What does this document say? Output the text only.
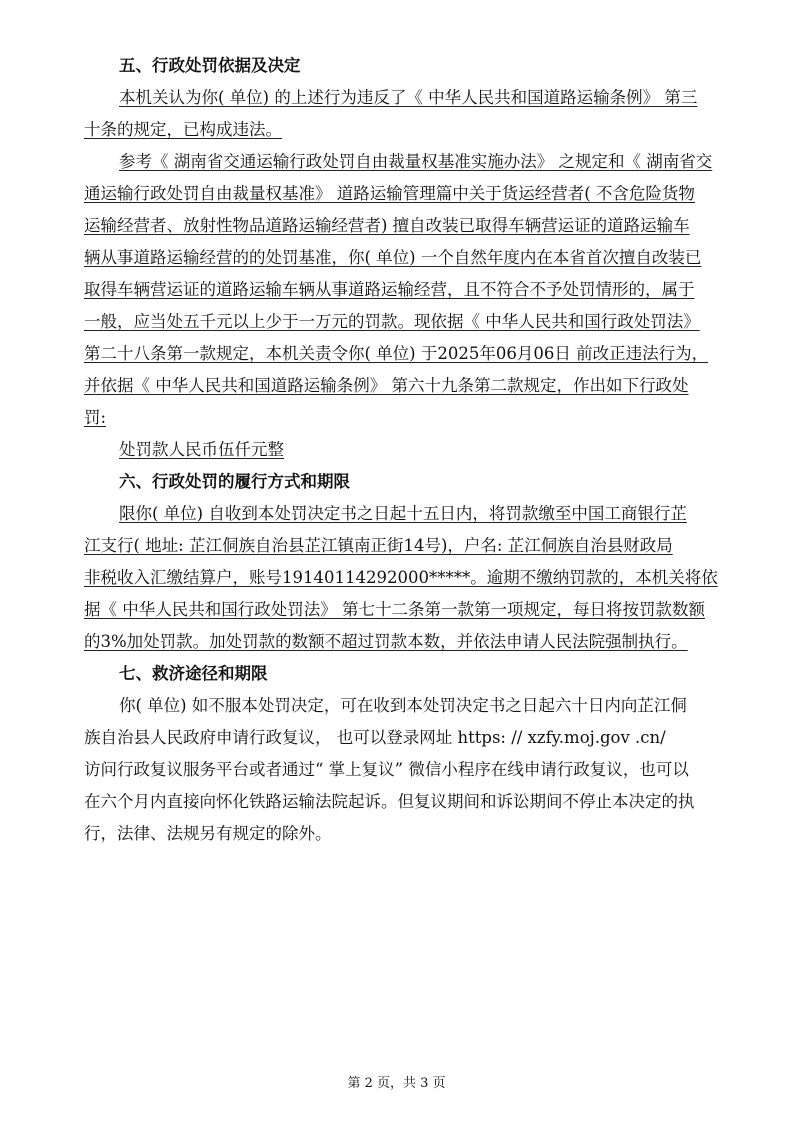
五、行政处罚依据及决定
本机关认为你( 单位) 的上述行为违反了《 中华人民共和国道路运输条例》 第三
十条的规定，已构成违法。
参考《 湖南省交通运输行政处罚自由裁量权基准实施办法》 之规定和《 湖南省交
通运输行政处罚自由裁量权基准》 道路运输管理篇中关于货运经营者( 不含危险货物
运输经营者、放射性物品道路运输经营者) 擅自改装已取得车辆营运证的道路运输车
辆从事道路运输经营的的处罚基准，你( 单位) 一个自然年度内在本省首次擅自改装已
取得车辆营运证的道路运输车辆从事道路运输经营，且不符合不予处罚情形的，属于
一般，应当处五千元以上少于一万元的罚款。现依据《 中华人民共和国行政处罚法》
第二十八条第一款规定，本机关责令你( 单位) 于2025年06月06日 前改正违法行为，
并依据《 中华人民共和国道路运输条例》 第六十九条第二款规定，作出如下行政处
罚:
处罚款人民币伍仟元整
六、行政处罚的履行方式和期限
限你( 单位) 自收到本处罚决定书之日起十五日内，将罚款缴至中国工商银行芷
江支行( 地址: 芷江侗族自治县芷江镇南正街14号)，户名: 芷江侗族自治县财政局
非税收入汇缴结算户，账号19140114292000*****。逾期不缴纳罚款的，本机关将依
据《 中华人民共和国行政处罚法》 第七十二条第一款第一项规定，每日将按罚款数额
的3%加处罚款。加处罚款的数额不超过罚款本数，并依法申请人民法院强制执行。
七、救济途径和期限
你( 单位) 如不服本处罚决定，可在收到本处罚决定书之日起六十日内向芷江侗
族自治县人民政府申请行政复议， 也可以登录网址 https: // xzfy.moj.gov .cn/
访问行政复议服务平台或者通过“ 掌上复议” 微信小程序在线申请行政复议，也可以
在六个月内直接向怀化铁路运输法院起诉。但复议期间和诉讼期间不停止本决定的执
行，法律、法规另有规定的除外。
第 2 页，共 3 页
